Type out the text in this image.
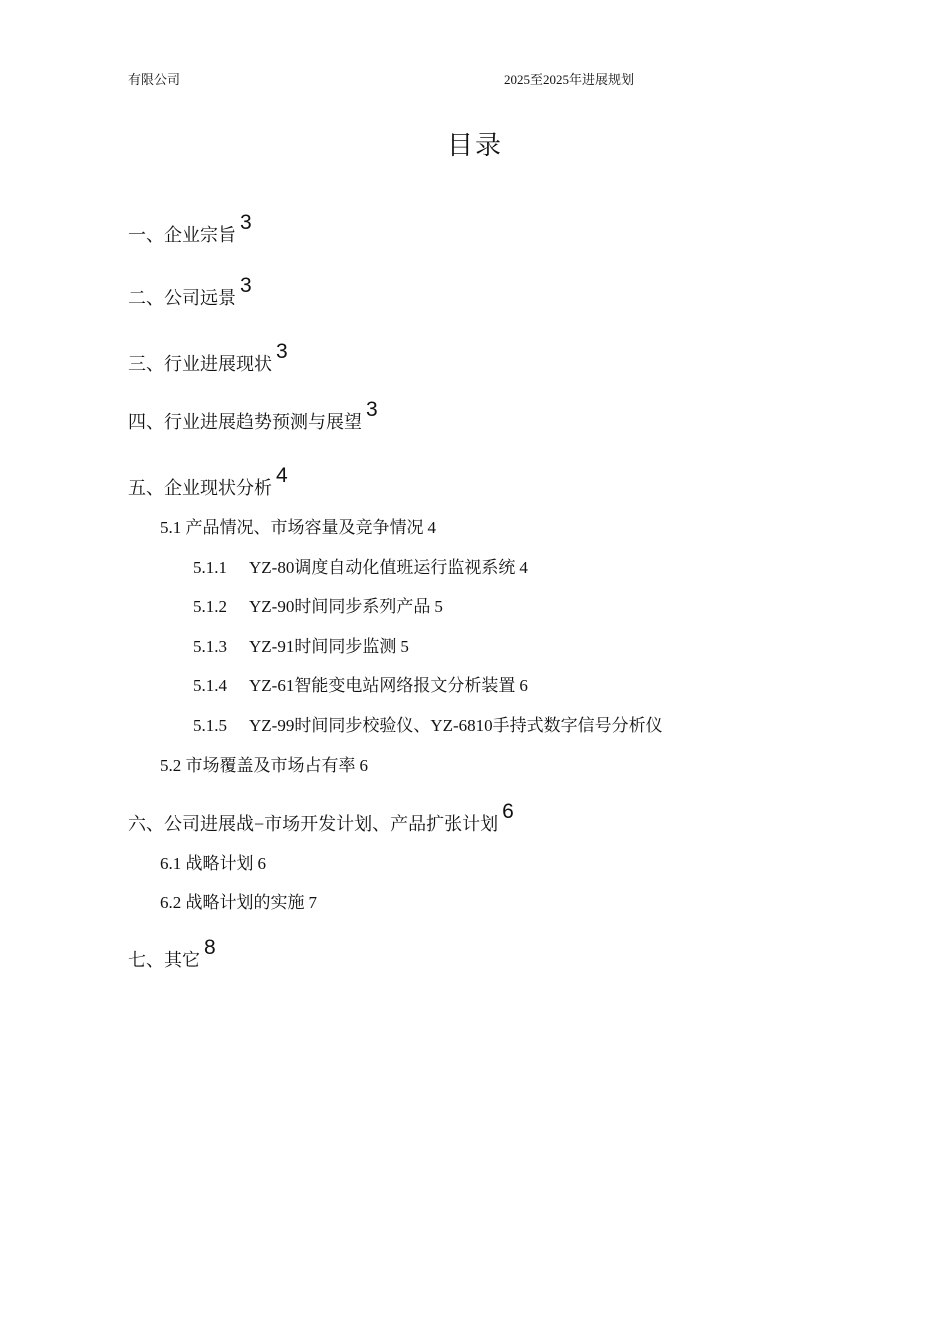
有限公司	2025至2025年进展规划
目录
一、企业宗旨3
二、公司远景3
三、行业进展现状3
四、行业进展趋势预测与展望3
五、企业现状分析4
5.1 产品情况、市场容量及竞争情况 4
5.1.1 YZ-80调度自动化值班运行监视系统 4
5.1.2 YZ-90时间同步系列产品 5
5.1.3 YZ-91时间同步监测 5
5.1.4 YZ-61智能变电站网络报文分析装置 6
5.1.5 YZ-99时间同步校验仪、YZ-6810手持式数字信号分析仪
5.2 市场覆盖及市场占有率 6
六、公司进展战−市场开发计划、产品扩张计划6
6.1 战略计划 6
6.2 战略计划的实施 7
七、其它8
